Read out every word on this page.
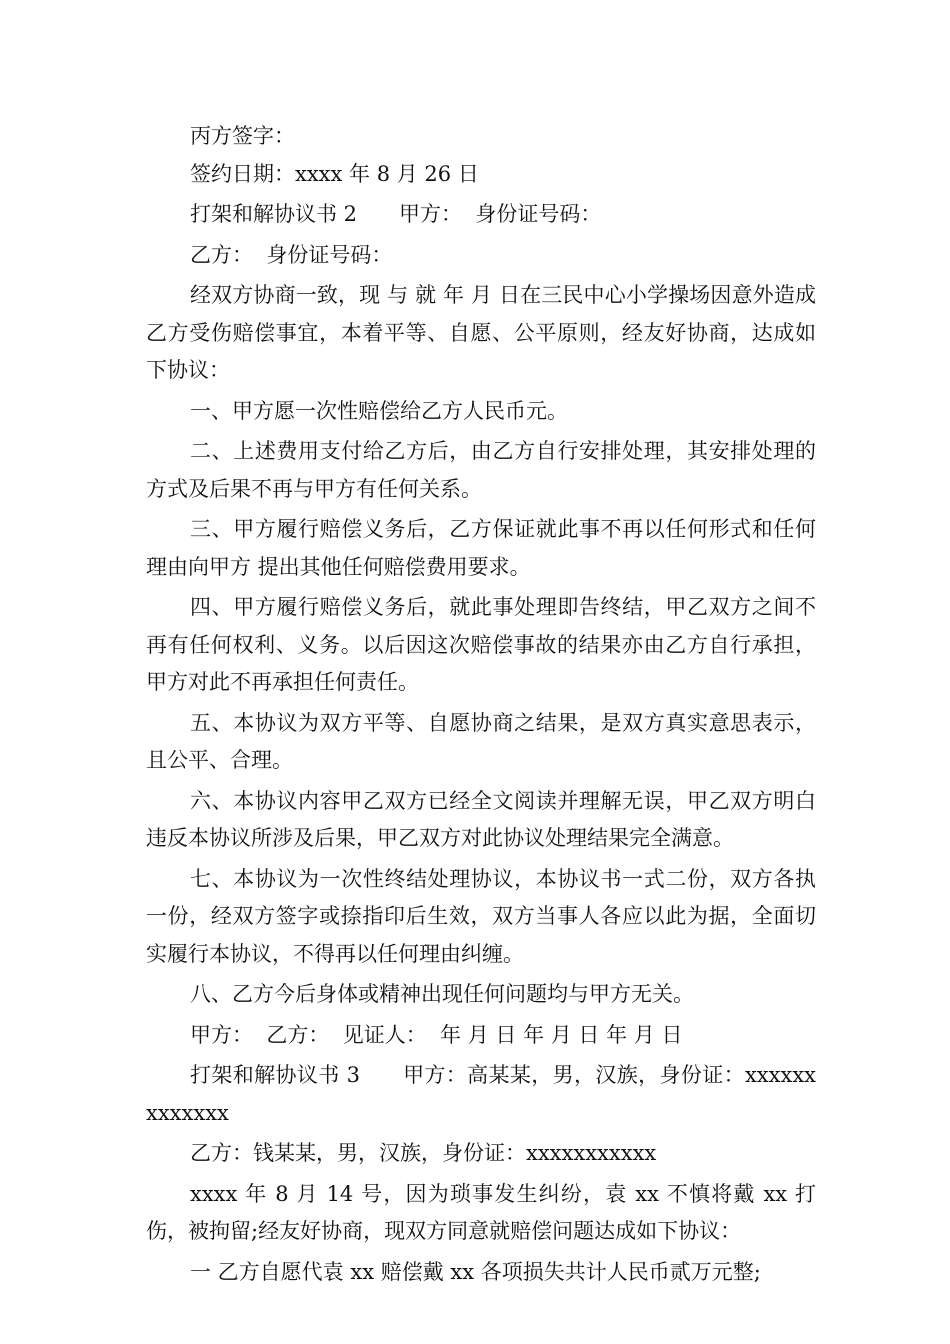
丙方签字：

签约日期：xxxx 年 8 月 26 日

打架和解协议书 2　　甲方：  身份证号码：

乙方：  身份证号码：

经双方协商一致，现 与 就 年 月 日在三民中心小学操场因意外造成乙方受伤赔偿事宜，本着平等、自愿、公平原则，经友好协商，达成如下协议：

一、甲方愿一次性赔偿给乙方人民币元。

二、上述费用支付给乙方后，由乙方自行安排处理，其安排处理的方式及后果不再与甲方有任何关系。

三、甲方履行赔偿义务后，乙方保证就此事不再以任何形式和任何理由向甲方 提出其他任何赔偿费用要求。

四、甲方履行赔偿义务后，就此事处理即告终结，甲乙双方之间不再有任何权利、义务。以后因这次赔偿事故的结果亦由乙方自行承担，甲方对此不再承担任何责任。

五、本协议为双方平等、自愿协商之结果，是双方真实意思表示，且公平、合理。

六、本协议内容甲乙双方已经全文阅读并理解无误，甲乙双方明白违反本协议所涉及后果，甲乙双方对此协议处理结果完全满意。

七、本协议为一次性终结处理协议，本协议书一式二份，双方各执一份，经双方签字或捺指印后生效，双方当事人各应以此为据，全面切实履行本协议，不得再以任何理由纠缠。

八、乙方今后身体或精神出现任何问题均与甲方无关。

甲方：  乙方：  见证人：  年 月 日 年 月 日 年 月 日

打架和解协议书 3　　甲方：高某某，男，汉族，身份证：xxxxxxxxxxxxx

乙方：钱某某，男，汉族，身份证：xxxxxxxxxxx

xxxx 年 8 月 14 号，因为琐事发生纠纷，袁 xx 不慎将戴 xx 打伤，被拘留;经友好协商，现双方同意就赔偿问题达成如下协议：

一 乙方自愿代袁 xx 赔偿戴 xx 各项损失共计人民币贰万元整;
